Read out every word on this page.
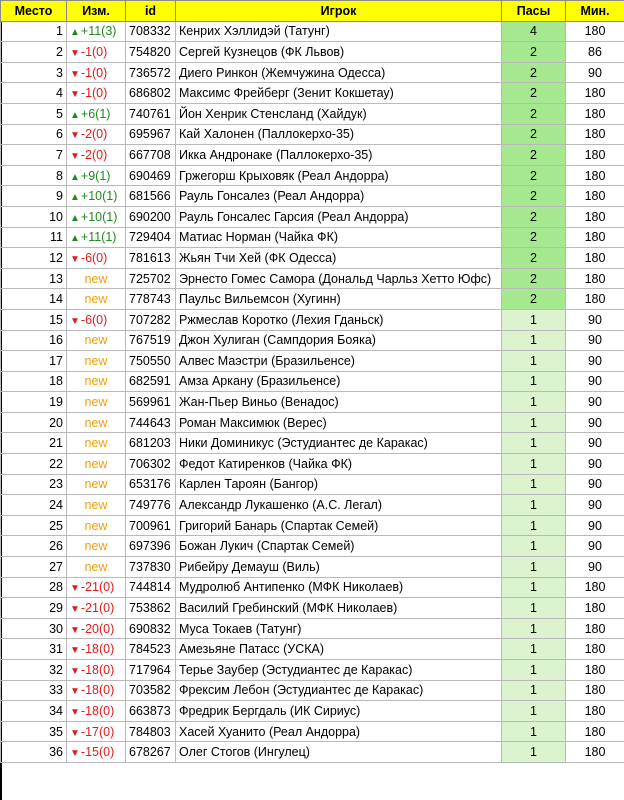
Место	Изм.	id	Игрок	Пасы	Мин.
1	▲+11(3)	708332	Кенрих Хэллидэй (Татунг)	4	180
2	▼-1(0)	754820	Сергей Кузнецов (ФК Львов)	2	86
3	▼-1(0)	736572	Диего Ринкон (Жемчужина Одесса)	2	90
4	▼-1(0)	686802	Максимс Фрейберг (Зенит Кокшетау)	2	180
5	▲+6(1)	740761	Йон Хенрик Стенсланд (Хайдук)	2	180
6	▼-2(0)	695967	Кай Халонен (Паллокерхо-35)	2	180
7	▼-2(0)	667708	Икка Андронаке (Паллокерхо-35)	2	180
8	▲+9(1)	690469	Гржегорш Крыховяк (Реал Андорра)	2	180
9	▲+10(1)	681566	Рауль Гонсалез (Реал Андорра)	2	180
10	▲+10(1)	690200	Рауль Гонсалес Гарсия (Реал Андорра)	2	180
11	▲+11(1)	729404	Матиас Норман (Чайка ФК)	2	180
12	▼-6(0)	781613	Жьян Тчи Хей (ФК Одесса)	2	180
13	new	725702	Эрнесто Гомес Самора (Дональд Чарльз Хетто Юфс)	2	180
14	new	778743	Паульс Вильемсон (Хугинн)	2	180
15	▼-6(0)	707282	Ржмеслав Коротко (Лехия Гданьск)	1	90
16	new	767519	Джон Хулиган (Сампдория Бояка)	1	90
17	new	750550	Алвес Маэстри (Бразильенсе)	1	90
18	new	682591	Амза Аркану (Бразильенсе)	1	90
19	new	569961	Жан-Пьер Виньо (Венадос)	1	90
20	new	744643	Роман Максимюк (Верес)	1	90
21	new	681203	Ники Доминикус (Эстудиантес де Каракас)	1	90
22	new	706302	Федот Катиренков (Чайка ФК)	1	90
23	new	653176	Карлен Тароян (Бангор)	1	90
24	new	749776	Александр Лукашенко (А.С. Легал)	1	90
25	new	700961	Григорий Банарь (Спартак Семей)	1	90
26	new	697396	Божан Лукич (Спартак Семей)	1	90
27	new	737830	Рибейру Демауш (Виль)	1	90
28	▼-21(0)	744814	Мудролюб Антипенко (МФК Николаев)	1	180
29	▼-21(0)	753862	Василий Гребинский (МФК Николаев)	1	180
30	▼-20(0)	690832	Муса Токаев (Татунг)	1	180
31	▼-18(0)	784523	Амезьяне Патасс (УСКА)	1	180
32	▼-18(0)	717964	Терье Заубер (Эстудиантес де Каракас)	1	180
33	▼-18(0)	703582	Фрексим Лебон (Эстудиантес де Каракас)	1	180
34	▼-18(0)	663873	Фредрик Бергдаль (ИК Сириус)	1	180
35	▼-17(0)	784803	Хасей Хуанито (Реал Андорра)	1	180
36	▼-15(0)	678267	Олег Стогов (Ингулец)	1	180
